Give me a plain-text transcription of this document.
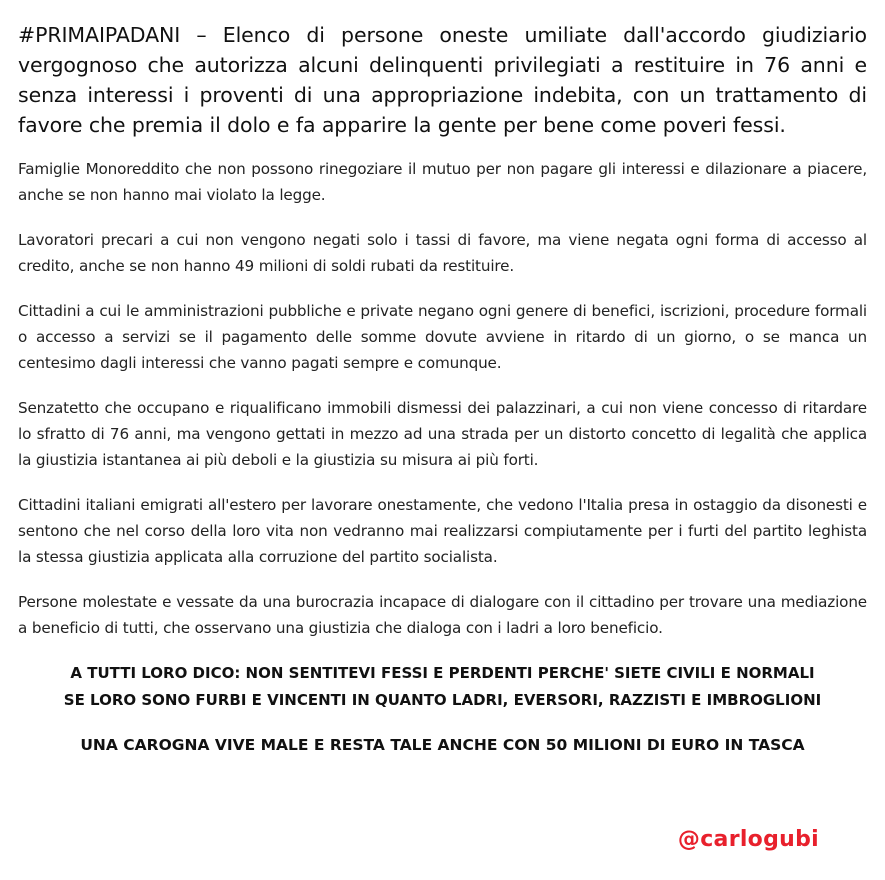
#PRIMAIPADANI – Elenco di persone oneste umiliate dall'accordo giudiziario vergognoso che autorizza alcuni delinquenti privilegiati a restituire in 76 anni e senza interessi i proventi di una appropriazione indebita, con un trattamento di favore che premia il dolo e fa apparire la gente per bene come poveri fessi.

Famiglie Monoreddito che non possono rinegoziare il mutuo per non pagare gli interessi e dilazionare a piacere, anche se non hanno mai violato la legge.

Lavoratori precari a cui non vengono negati solo i tassi di favore, ma viene negata ogni forma di accesso al credito, anche se non hanno 49 milioni di soldi rubati da restituire.

Cittadini a cui le amministrazioni pubbliche e private negano ogni genere di benefici, iscrizioni, procedure formali o accesso a servizi se il pagamento delle somme dovute avviene in ritardo di un giorno, o se manca un centesimo dagli interessi che vanno pagati sempre e comunque.

Senzatetto che occupano e riqualificano immobili dismessi dei palazzinari, a cui non viene concesso di ritardare lo sfratto di 76 anni, ma vengono gettati in mezzo ad una strada per un distorto concetto di legalità che applica la giustizia istantanea ai più deboli e la giustizia su misura ai più forti.

Cittadini italiani emigrati all'estero per lavorare onestamente, che vedono l'Italia presa in ostaggio da disonesti e sentono che nel corso della loro vita non vedranno mai realizzarsi compiutamente per i furti del partito leghista la stessa giustizia applicata alla corruzione del partito socialista.

Persone molestate e vessate da una burocrazia incapace di dialogare con il cittadino per trovare una mediazione a beneficio di tutti, che osservano una giustizia che dialoga con i ladri a loro beneficio.

A TUTTI LORO DICO: NON SENTITEVI FESSI E PERDENTI PERCHE' SIETE CIVILI E NORMALI

SE LORO SONO FURBI E VINCENTI IN QUANTO LADRI, EVERSORI, RAZZISTI E IMBROGLIONI

UNA CAROGNA VIVE MALE E RESTA TALE ANCHE CON 50 MILIONI DI EURO IN TASCA

@carlogubi
